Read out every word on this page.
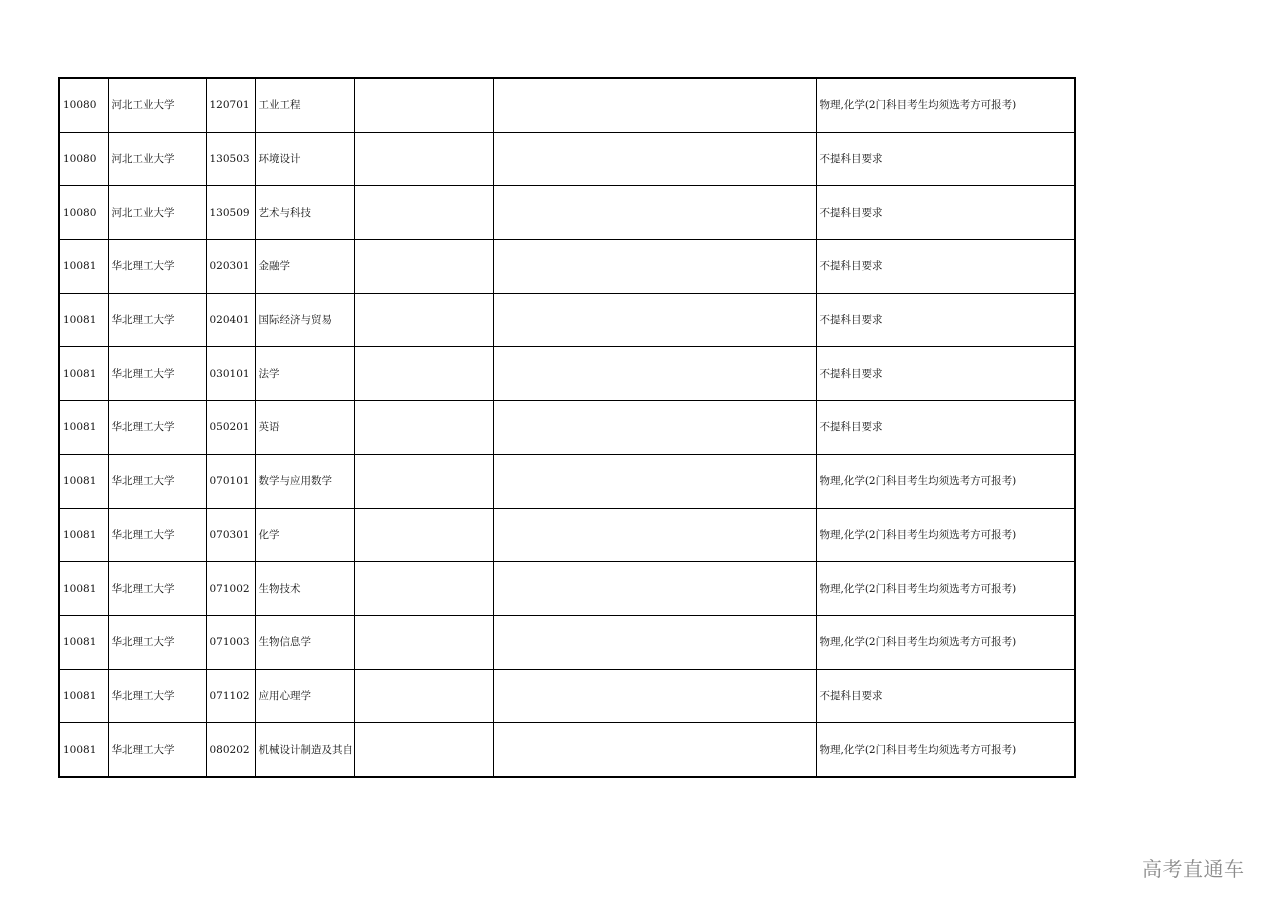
10080	河北工业大学	120701	工业工程			物理,化学(2门科目考生均须选考方可报考)
10080	河北工业大学	130503	环境设计			不提科目要求
10080	河北工业大学	130509	艺术与科技			不提科目要求
10081	华北理工大学	020301	金融学			不提科目要求
10081	华北理工大学	020401	国际经济与贸易			不提科目要求
10081	华北理工大学	030101	法学			不提科目要求
10081	华北理工大学	050201	英语			不提科目要求
10081	华北理工大学	070101	数学与应用数学			物理,化学(2门科目考生均须选考方可报考)
10081	华北理工大学	070301	化学			物理,化学(2门科目考生均须选考方可报考)
10081	华北理工大学	071002	生物技术			物理,化学(2门科目考生均须选考方可报考)
10081	华北理工大学	071003	生物信息学			物理,化学(2门科目考生均须选考方可报考)
10081	华北理工大学	071102	应用心理学			不提科目要求
10081	华北理工大学	080202	机械设计制造及其自			物理,化学(2门科目考生均须选考方可报考)
高考直通车
